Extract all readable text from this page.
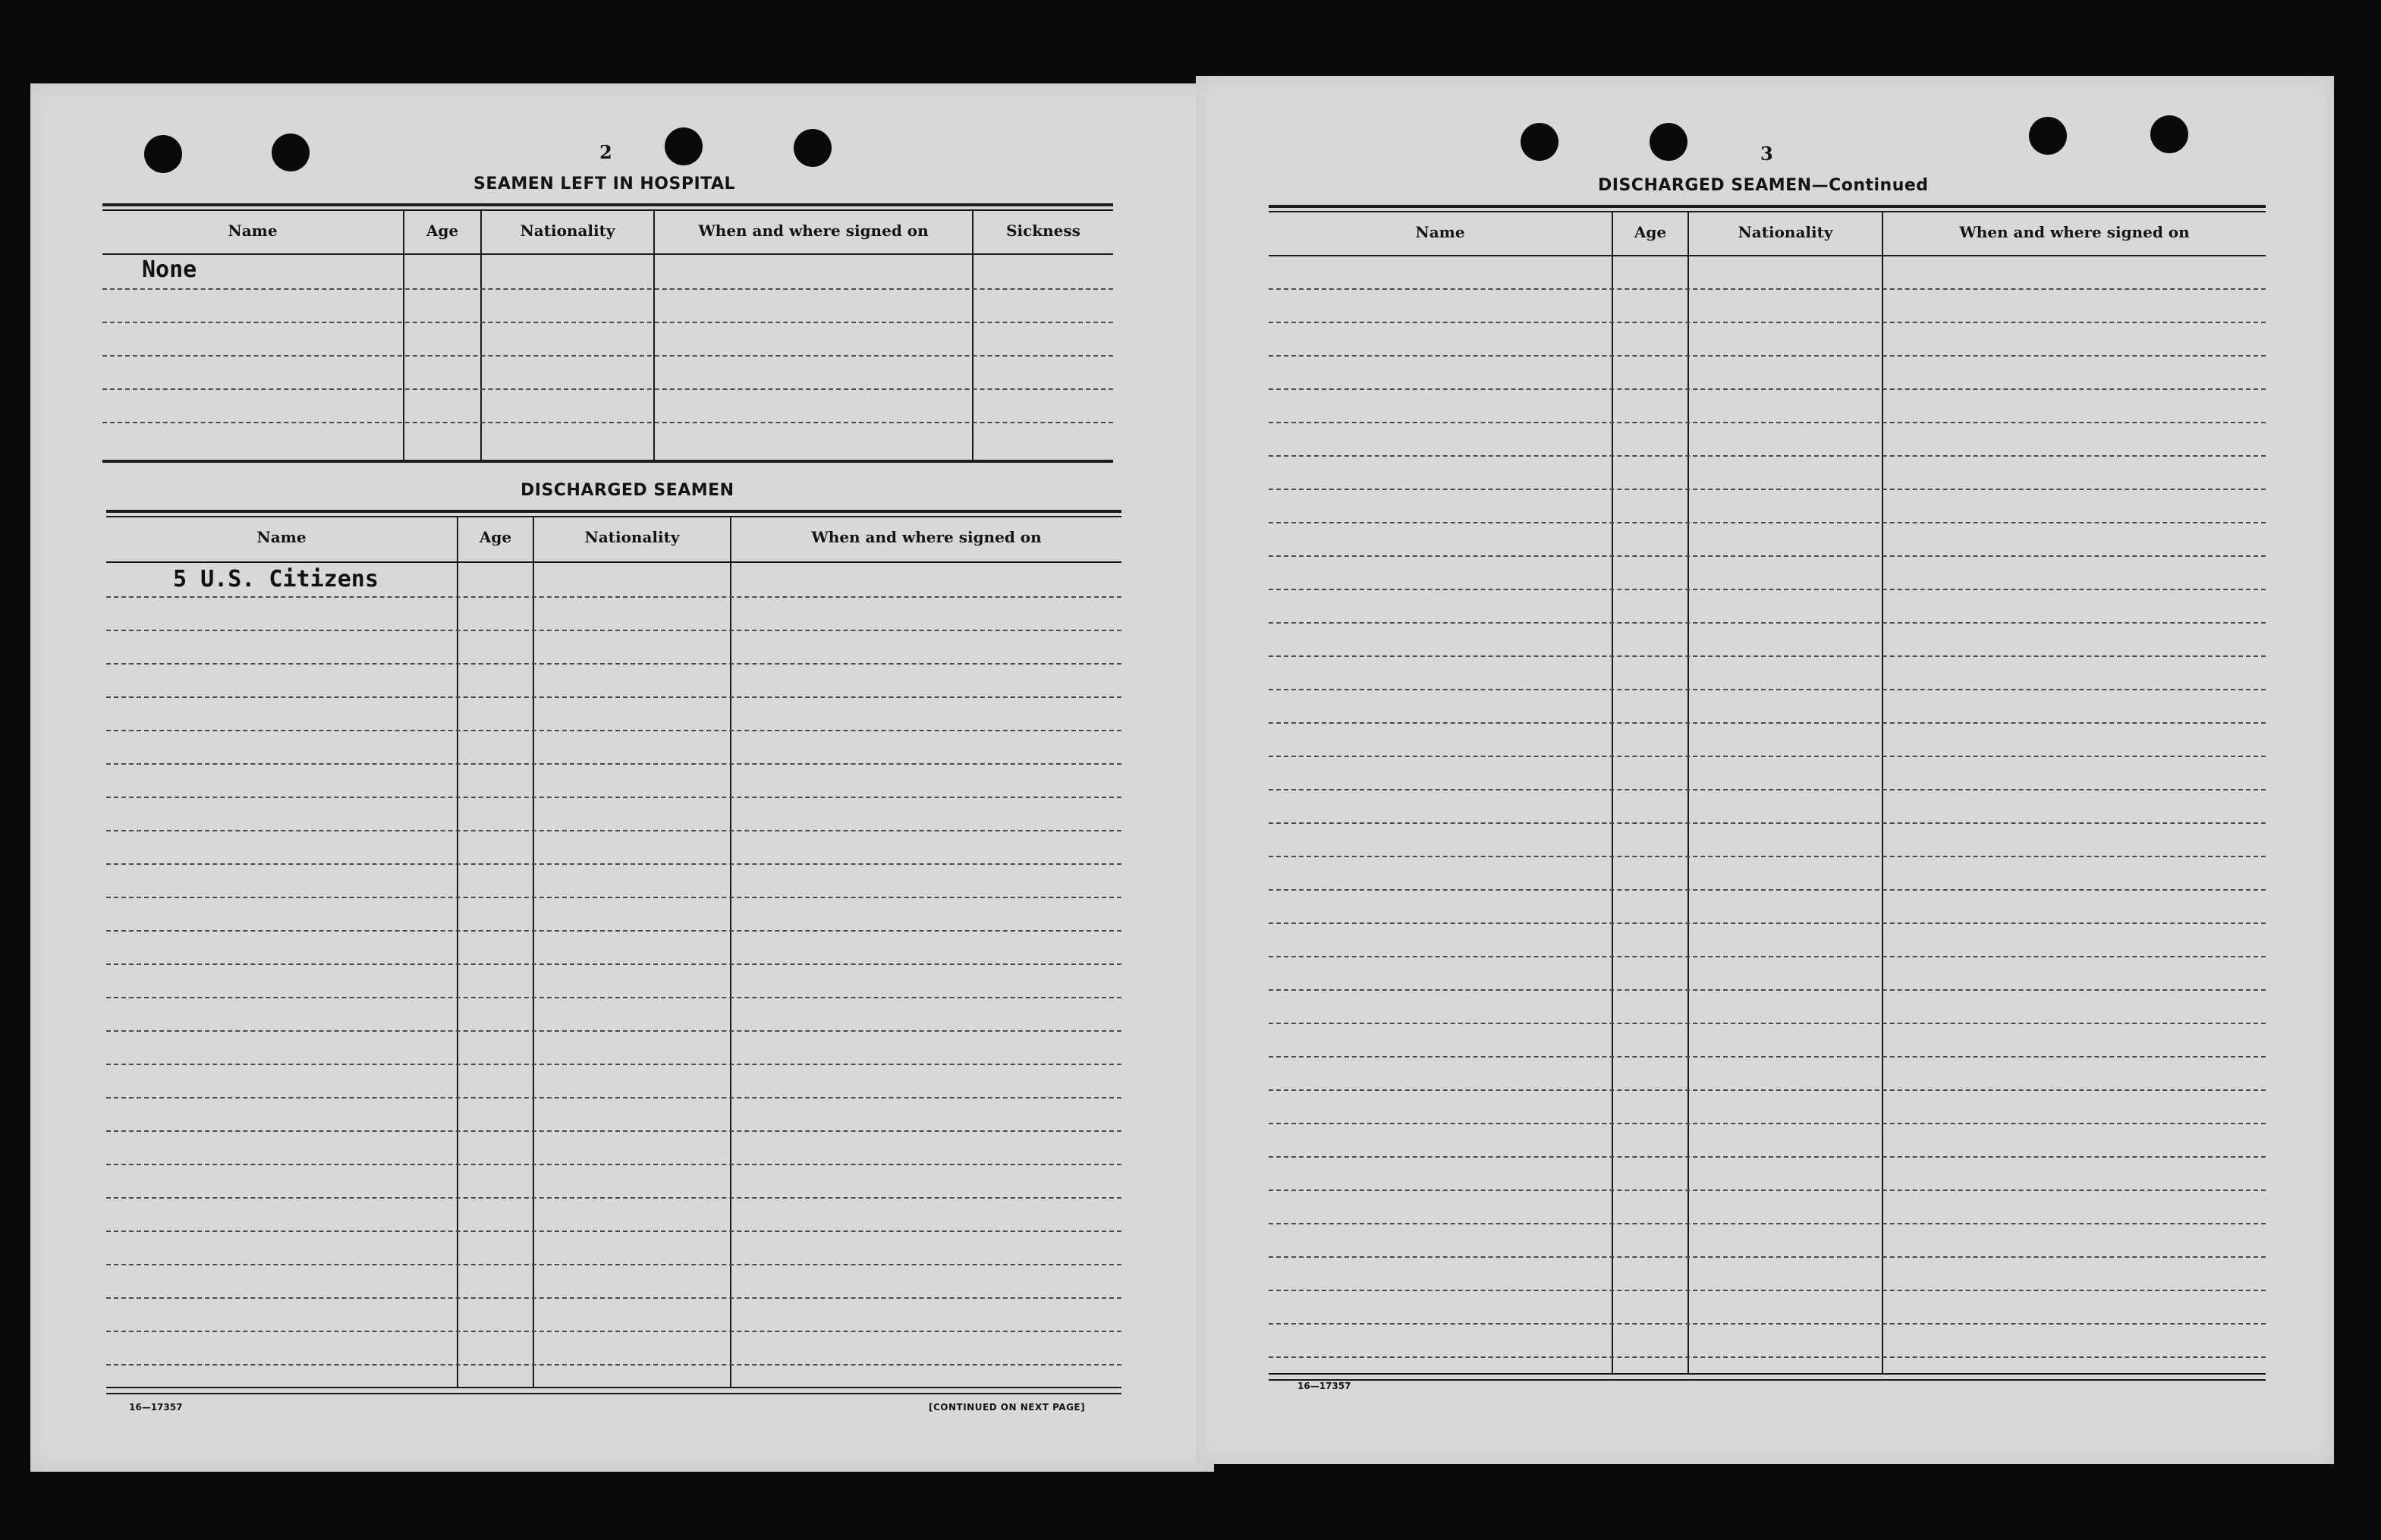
2
SEAMEN LEFT IN HOSPITAL
Name	Age	Nationality	When and where signed on	Sickness
None
DISCHARGED SEAMEN
Name	Age	Nationality	When and where signed on
5 U.S. Citizens
16—17357	[CONTINUED ON NEXT PAGE]
3
DISCHARGED SEAMEN—Continued
Name	Age	Nationality	When and where signed on
16—17357
